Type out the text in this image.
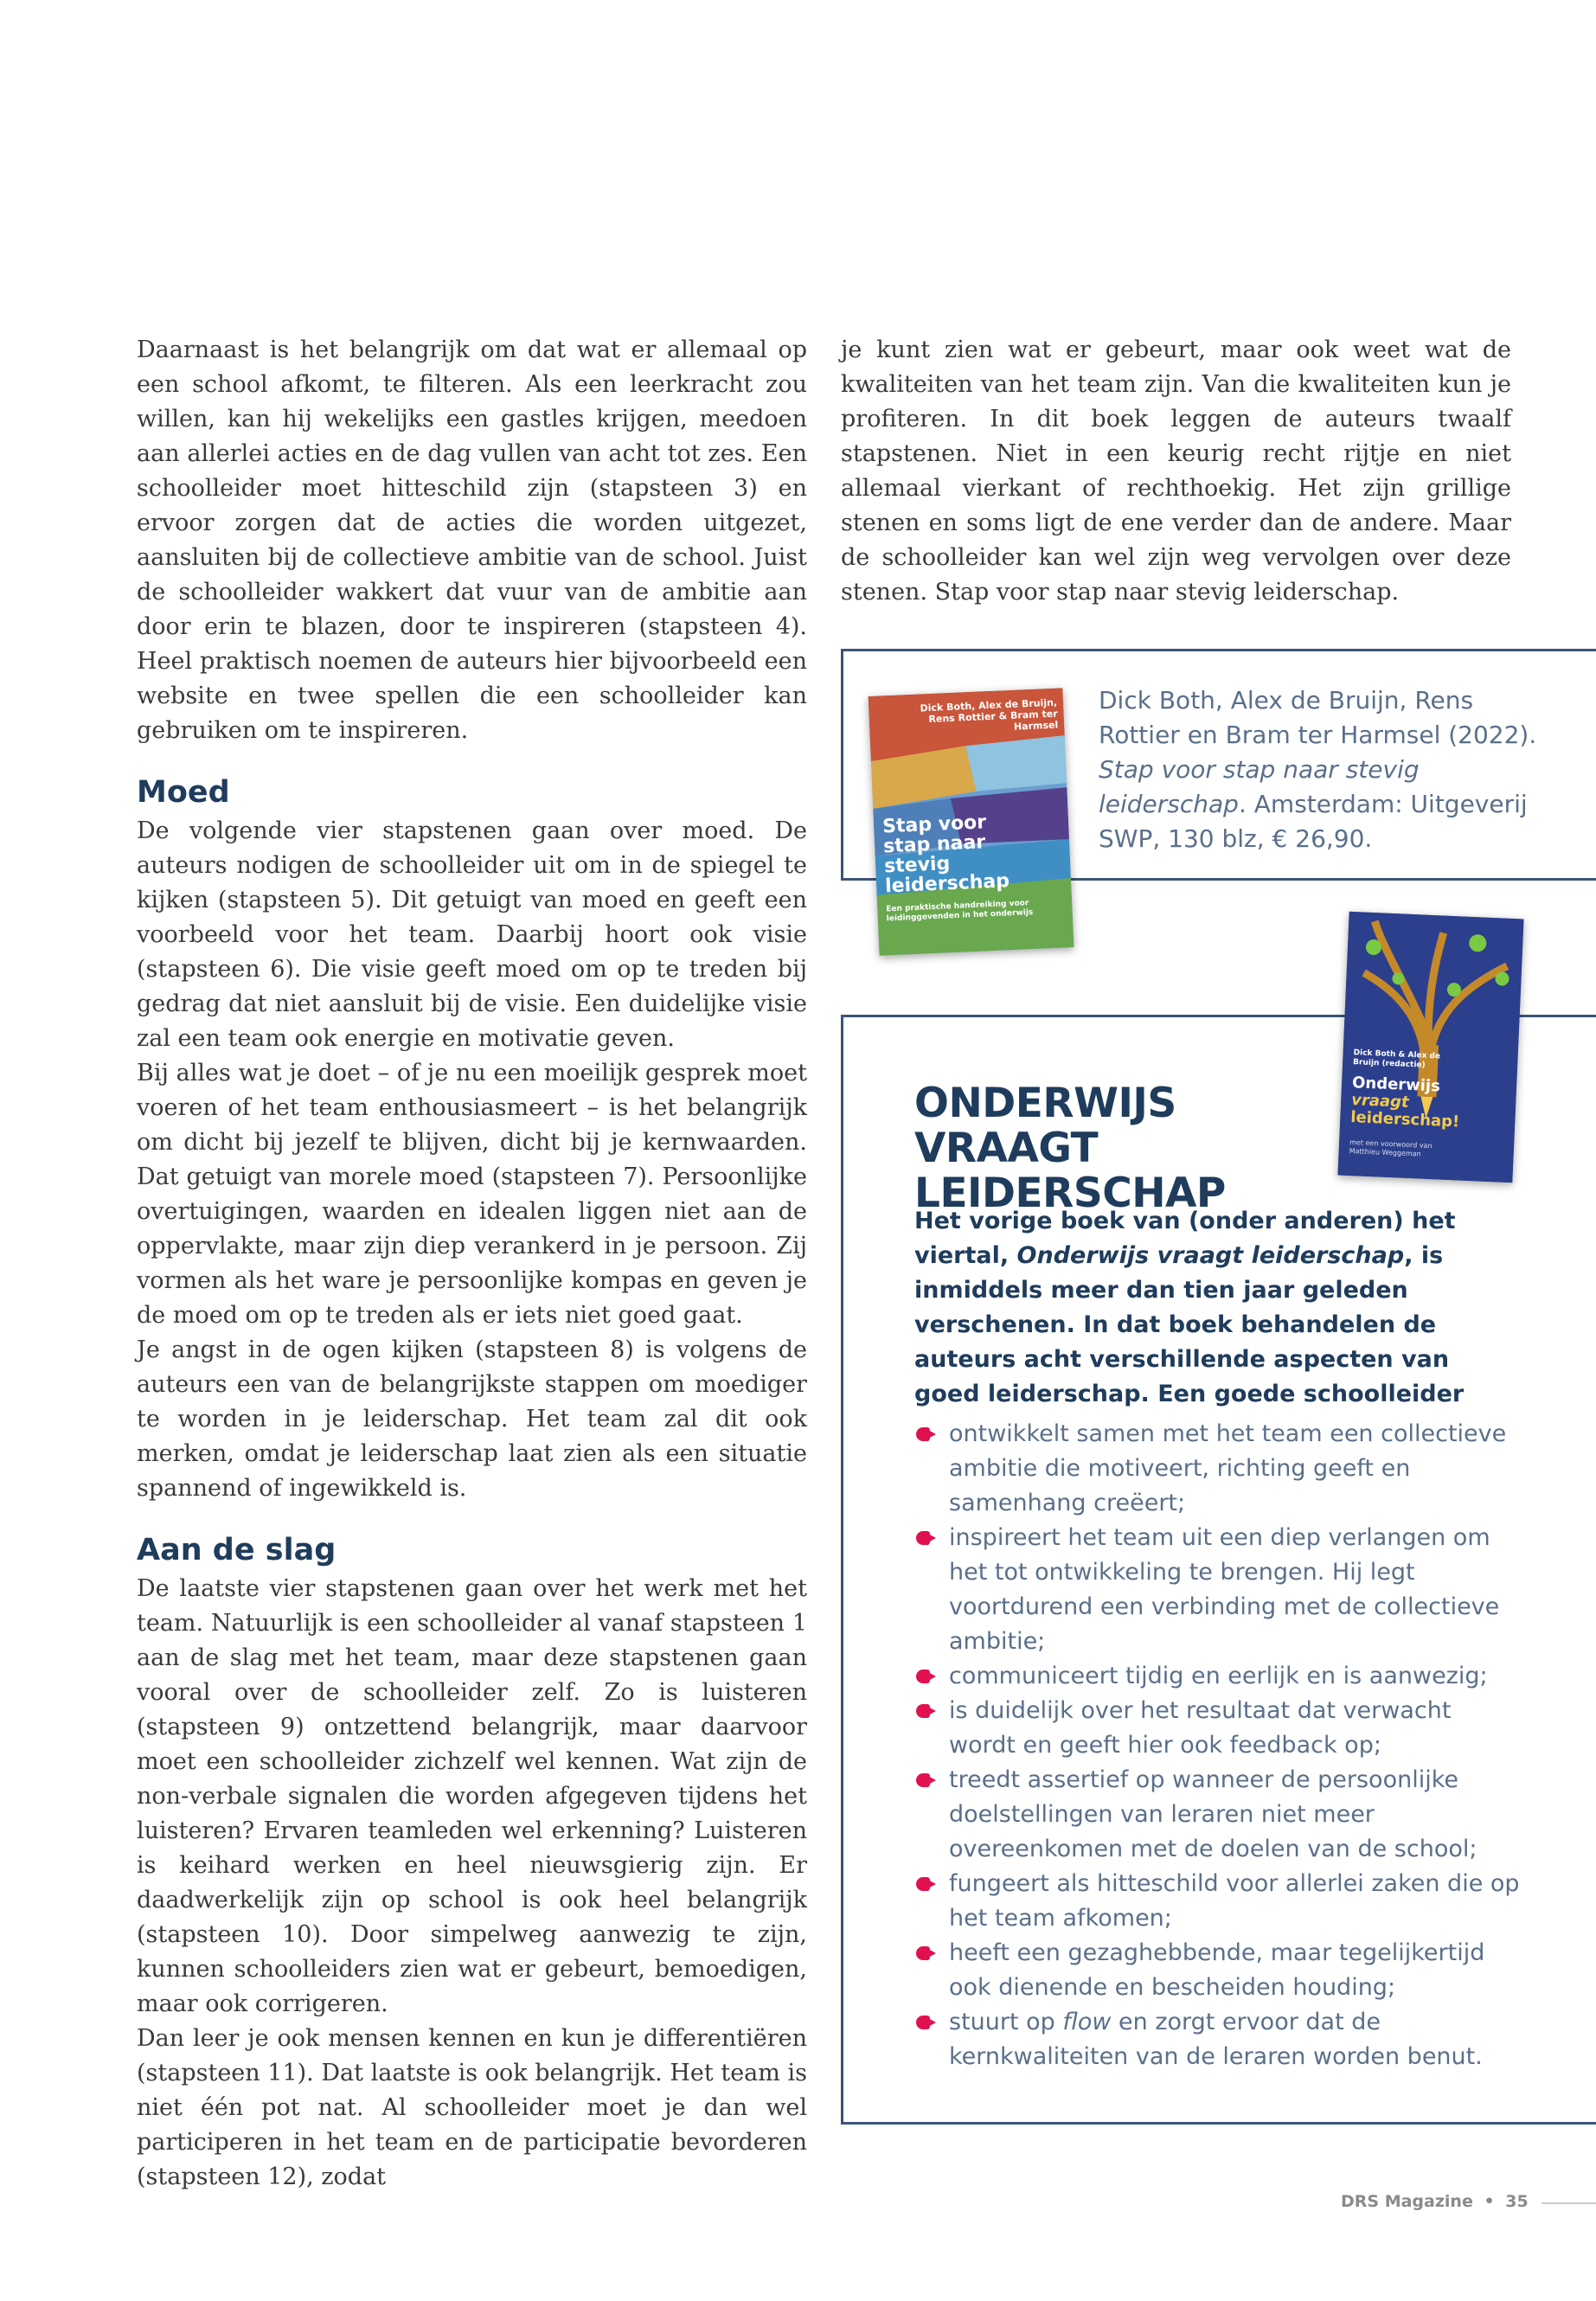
Daarnaast is het belangrijk om dat wat er allemaal op een school afkomt, te filteren. Als een leerkracht zou willen, kan hij wekelijks een gastles krijgen, meedoen aan allerlei acties en de dag vullen van acht tot zes. Een schoolleider moet hitteschild zijn (stapsteen 3) en ervoor zorgen dat de acties die worden uitgezet, aansluiten bij de collectieve ambitie van de school. Juist de schoolleider wakkert dat vuur van de ambitie aan door erin te blazen, door te inspireren (stapsteen 4). Heel praktisch noemen de auteurs hier bijvoorbeeld een website en twee spellen die een schoolleider kan gebruiken om te inspireren.

Moed

De volgende vier stapstenen gaan over moed. De auteurs nodigen de schoolleider uit om in de spiegel te kijken (stapsteen 5). Dit getuigt van moed en geeft een voorbeeld voor het team. Daarbij hoort ook visie (stapsteen 6). Die visie geeft moed om op te treden bij gedrag dat niet aansluit bij de visie. Een duidelijke visie zal een team ook energie en motivatie geven.

Bij alles wat je doet – of je nu een moeilijk gesprek moet voeren of het team enthousiasmeert – is het belangrijk om dicht bij jezelf te blijven, dicht bij je kernwaarden. Dat getuigt van morele moed (stapsteen 7). Persoonlijke overtuigingen, waarden en idealen liggen niet aan de oppervlakte, maar zijn diep verankerd in je persoon. Zij vormen als het ware je persoonlijke kompas en geven je de moed om op te treden als er iets niet goed gaat.

Je angst in de ogen kijken (stapsteen 8) is volgens de auteurs een van de belangrijkste stappen om moediger te worden in je leiderschap. Het team zal dit ook merken, omdat je leiderschap laat zien als een situatie spannend of ingewikkeld is.

Aan de slag

De laatste vier stapstenen gaan over het werk met het team. Natuurlijk is een schoolleider al vanaf stapsteen 1 aan de slag met het team, maar deze stapstenen gaan vooral over de schoolleider zelf. Zo is luisteren (stapsteen 9) ontzettend belangrijk, maar daarvoor moet een schoolleider zichzelf wel kennen. Wat zijn de non-verbale signalen die worden afgegeven tijdens het luisteren? Ervaren teamleden wel erkenning? Luisteren is keihard werken en heel nieuwsgierig zijn. Er daadwerkelijk zijn op school is ook heel belangrijk (stapsteen 10). Door simpelweg aanwezig te zijn, kunnen schoolleiders zien wat er gebeurt, bemoedigen, maar ook corrigeren.

Dan leer je ook mensen kennen en kun je differentiëren (stapsteen 11). Dat laatste is ook belangrijk. Het team is niet één pot nat. Al schoolleider moet je dan wel participeren in het team en de participatie bevorderen (stapsteen 12), zodat

je kunt zien wat er gebeurt, maar ook weet wat de kwaliteiten van het team zijn. Van die kwaliteiten kun je profiteren. In dit boek leggen de auteurs twaalf stapstenen. Niet in een keurig recht rijtje en niet allemaal vierkant of rechthoekig. Het zijn grillige stenen en soms ligt de ene verder dan de andere. Maar de schoolleider kan wel zijn weg vervolgen over deze stenen. Stap voor stap naar stevig leiderschap.

Dick Both, Alex de Bruijn, Rens Rottier en Bram ter Harmsel (2022). Stap voor stap naar stevig leiderschap. Amsterdam: Uitgeverij SWP, 130 blz, € 26,90.
Dick Both, Alex de Bruijn, Rens Rottier & Bram ter Harmsel
Stap voor stap naar stevig leiderschap
Een praktische handreiking voor leidinggevenden in het onderwijs
Dick Both & Alex de Bruijn (redactie)
Onderwijs
vraagt
leiderschap!
met een voorwoord van Matthieu Weggeman
ONDERWIJS VRAAGT LEIDERSCHAP

Het vorige boek van (onder anderen) het viertal, Onderwijs vraagt leiderschap, is inmiddels meer dan tien jaar geleden verschenen. In dat boek behandelen de auteurs acht verschillende aspecten van goed leiderschap. Een goede schoolleider

ontwikkelt samen met het team een collectieve ambitie die motiveert, richting geeft en samenhang creëert;
inspireert het team uit een diep verlangen om het tot ontwikkeling te brengen. Hij legt voortdurend een verbinding met de collectieve ambitie;
communiceert tijdig en eerlijk en is aanwezig;
is duidelijk over het resultaat dat verwacht wordt en geeft hier ook feedback op;
treedt assertief op wanneer de persoonlijke doelstellingen van leraren niet meer overeenkomen met de doelen van de school;
fungeert als hitteschild voor allerlei zaken die op het team afkomen;
heeft een gezaghebbende, maar tegelijkertijd ook dienende en bescheiden houding;
stuurt op flow en zorgt ervoor dat de kernkwaliteiten van de leraren worden benut.
DRS Magazine • 35
